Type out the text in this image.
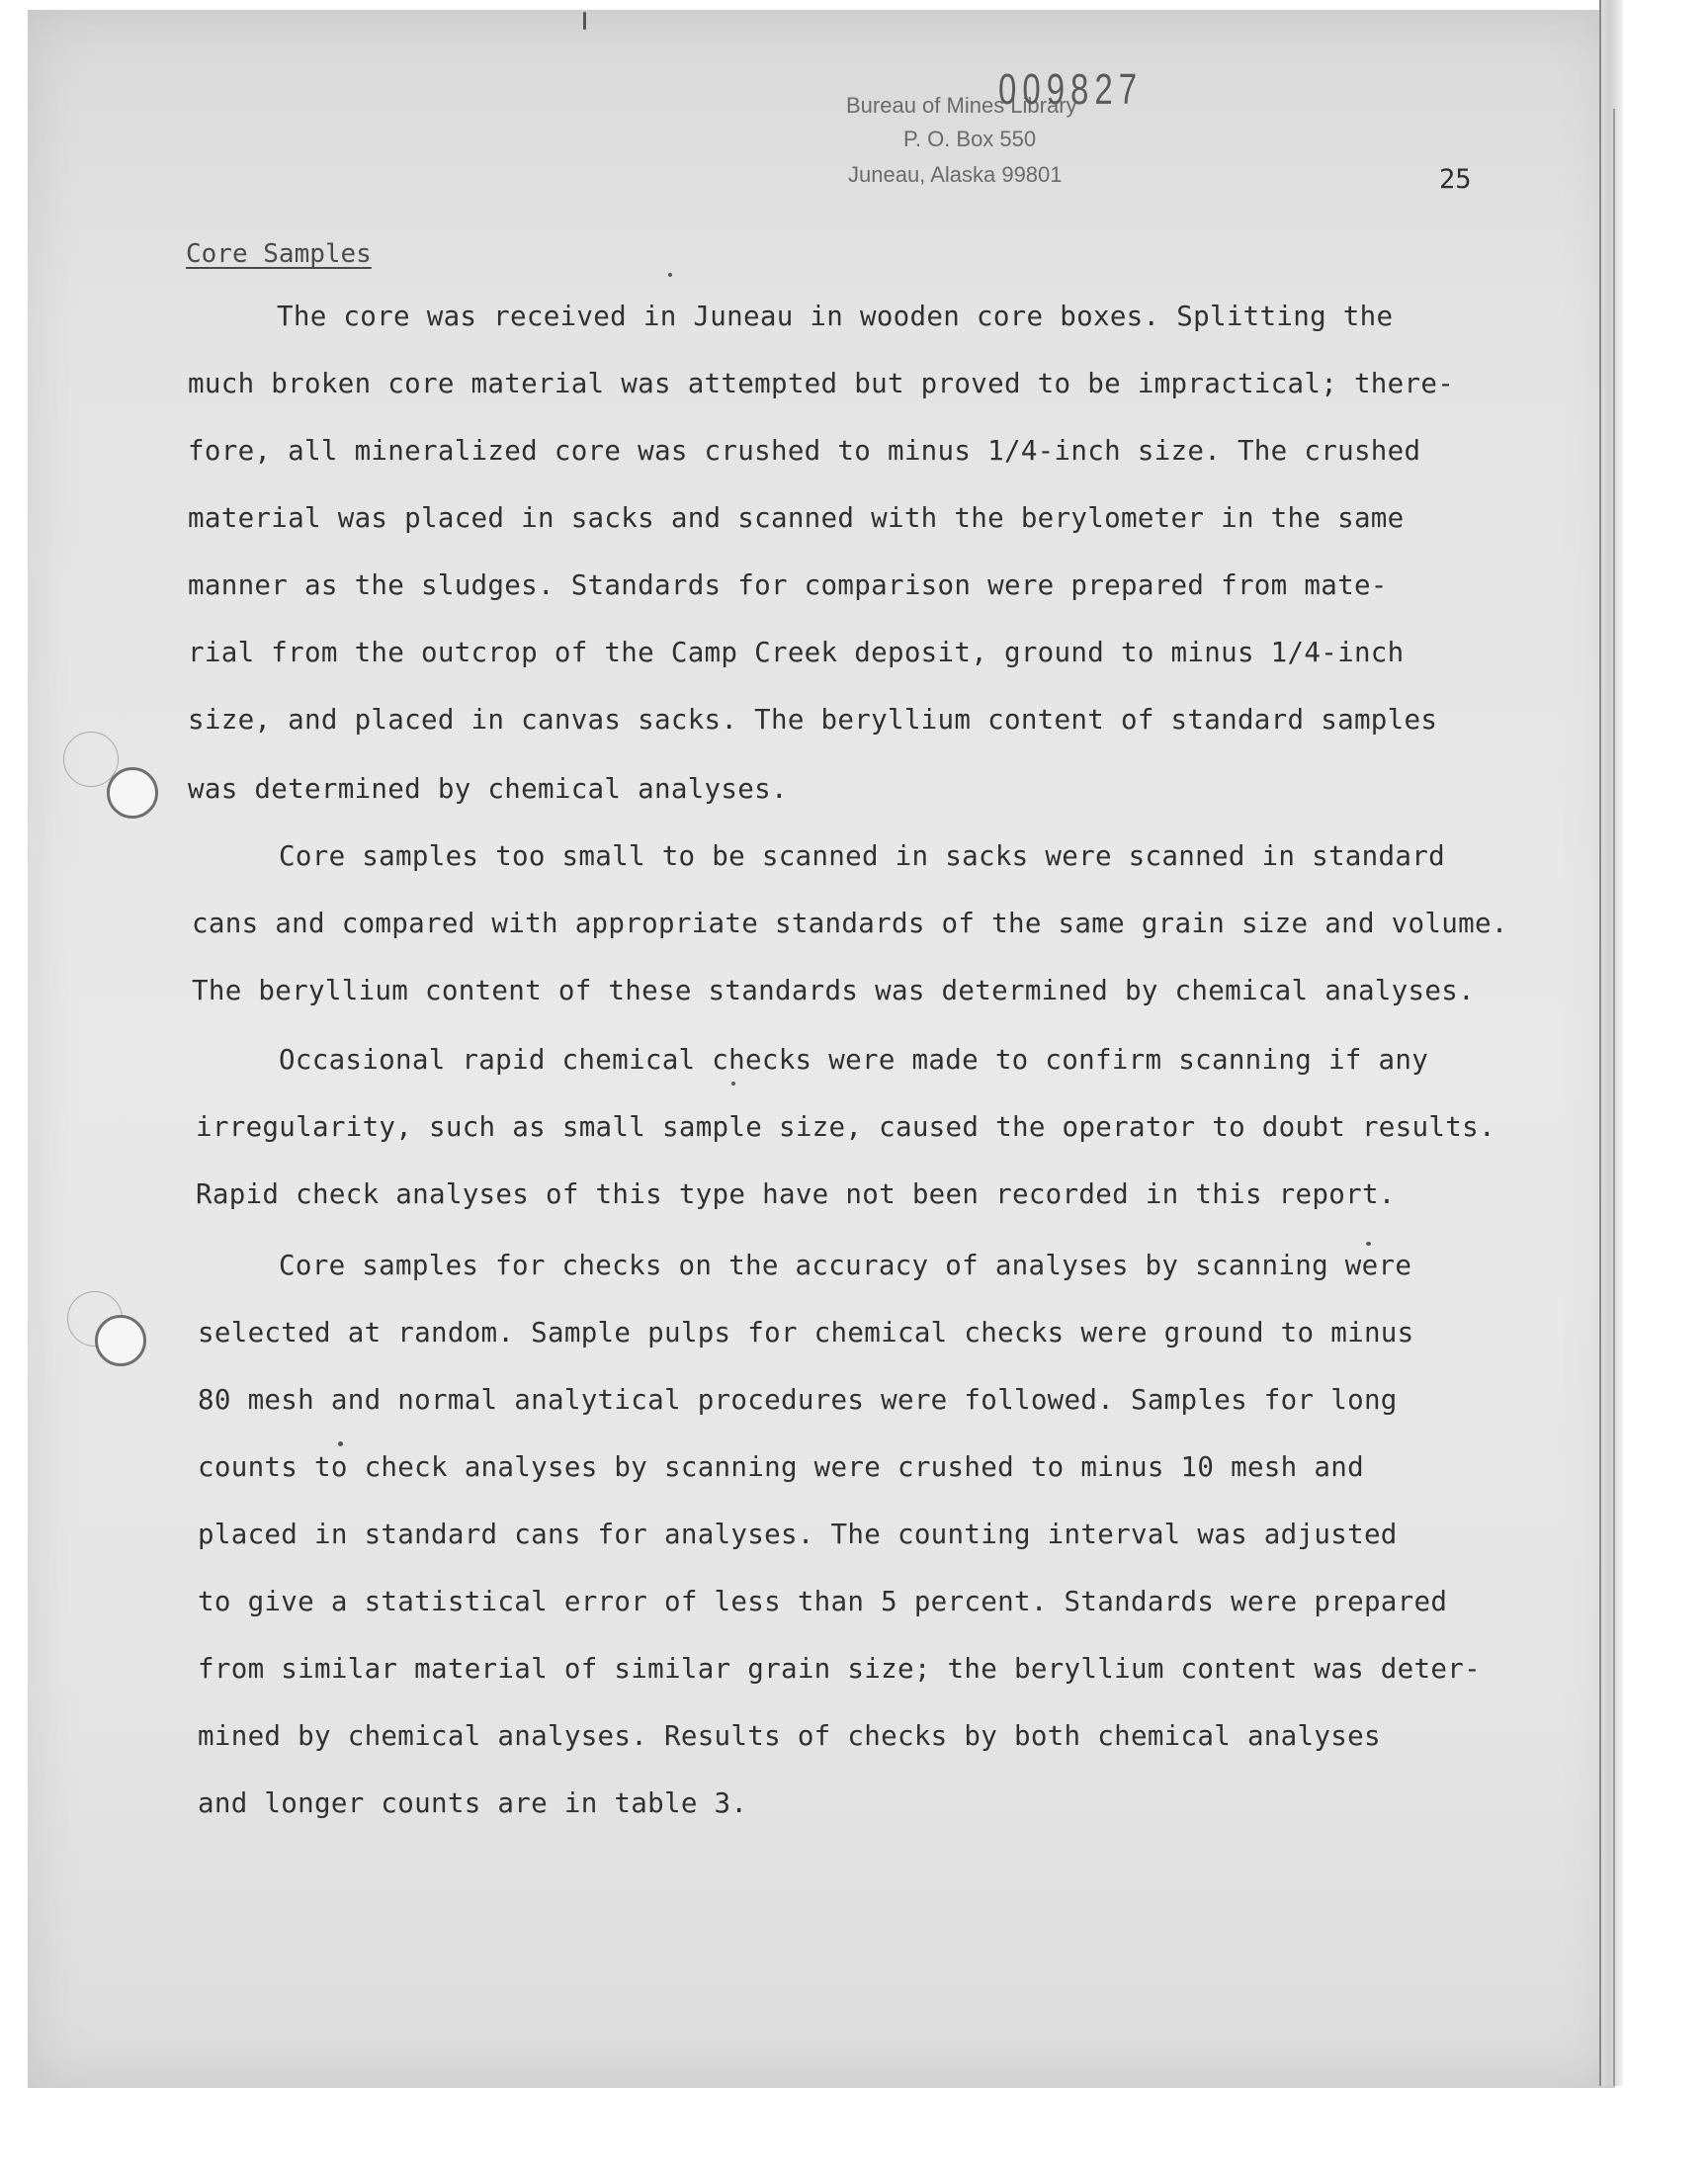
Bureau of Mines Library
P. O. Box 550
Juneau, Alaska 99801
009827
25
Core Samples
The core was received in Juneau in wooden core boxes. Splitting the
much broken core material was attempted but proved to be impractical; there-
fore, all mineralized core was crushed to minus 1/4-inch size. The crushed
material was placed in sacks and scanned with the berylometer in the same
manner as the sludges. Standards for comparison were prepared from mate-
rial from the outcrop of the Camp Creek deposit, ground to minus 1/4-inch
size, and placed in canvas sacks. The beryllium content of standard samples
was determined by chemical analyses.
Core samples too small to be scanned in sacks were scanned in standard
cans and compared with appropriate standards of the same grain size and volume.
The beryllium content of these standards was determined by chemical analyses.
Occasional rapid chemical checks were made to confirm scanning if any
irregularity, such as small sample size, caused the operator to doubt results.
Rapid check analyses of this type have not been recorded in this report.
Core samples for checks on the accuracy of analyses by scanning were
selected at random. Sample pulps for chemical checks were ground to minus
80 mesh and normal analytical procedures were followed. Samples for long
counts to check analyses by scanning were crushed to minus 10 mesh and
placed in standard cans for analyses. The counting interval was adjusted
to give a statistical error of less than 5 percent. Standards were prepared
from similar material of similar grain size; the beryllium content was deter-
mined by chemical analyses. Results of checks by both chemical analyses
and longer counts are in table 3.
